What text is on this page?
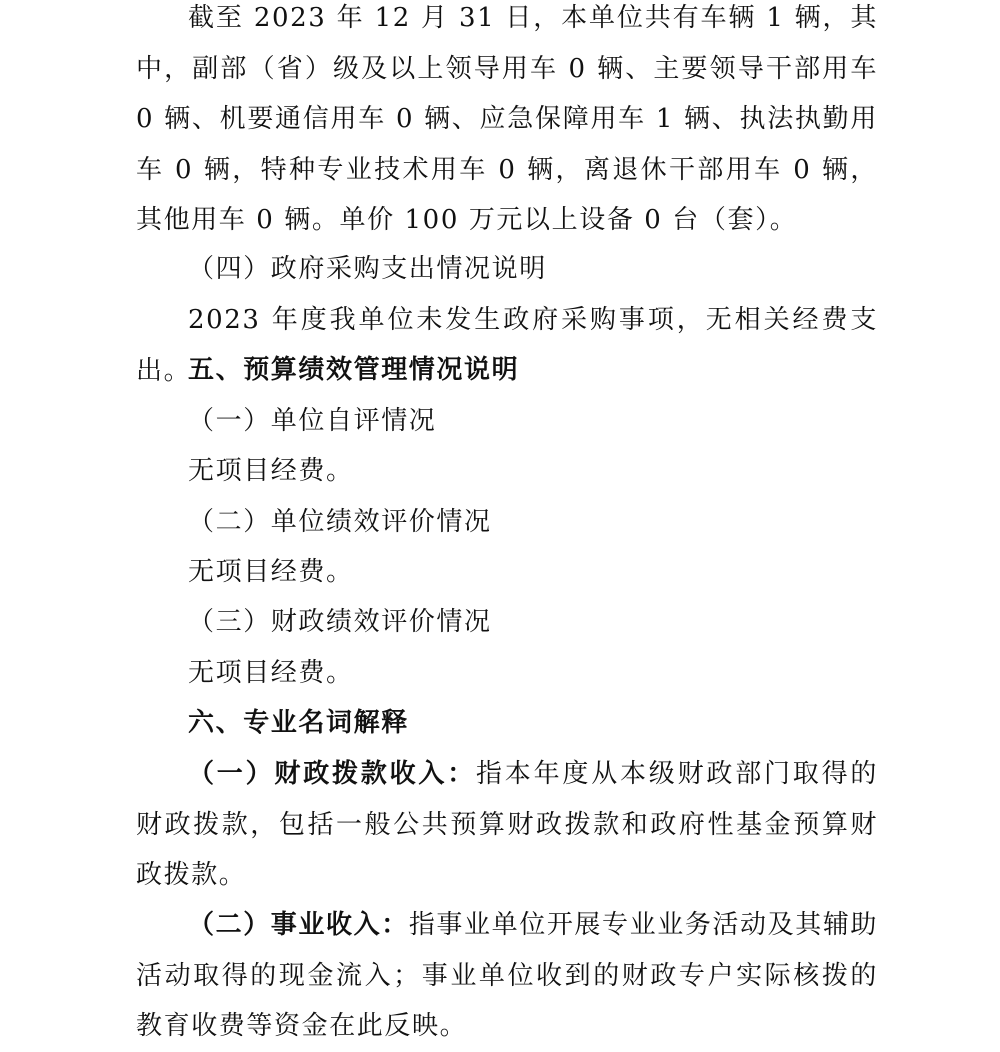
截至 2023 年 12 月 31 日，本单位共有车辆 1 辆，其中，副部（省）级及以上领导用车 0 辆、主要领导干部用车 0 辆、机要通信用车 0 辆、应急保障用车 1 辆、执法执勤用车 0 辆，特种专业技术用车 0 辆，离退休干部用车 0 辆，其他用车 0 辆。单价 100 万元以上设备 0 台（套）。

（四）政府采购支出情况说明

2023 年度我单位未发生政府采购事项，无相关经费支出。

五、预算绩效管理情况说明

（一）单位自评情况

无项目经费。

（二）单位绩效评价情况

无项目经费。

（三）财政绩效评价情况

无项目经费。

六、专业名词解释

（一）财政拨款收入：指本年度从本级财政部门取得的财政拨款，包括一般公共预算财政拨款和政府性基金预算财政拨款。

（二）事业收入：指事业单位开展专业业务活动及其辅助活动取得的现金流入；事业单位收到的财政专户实际核拨的教育收费等资金在此反映。
